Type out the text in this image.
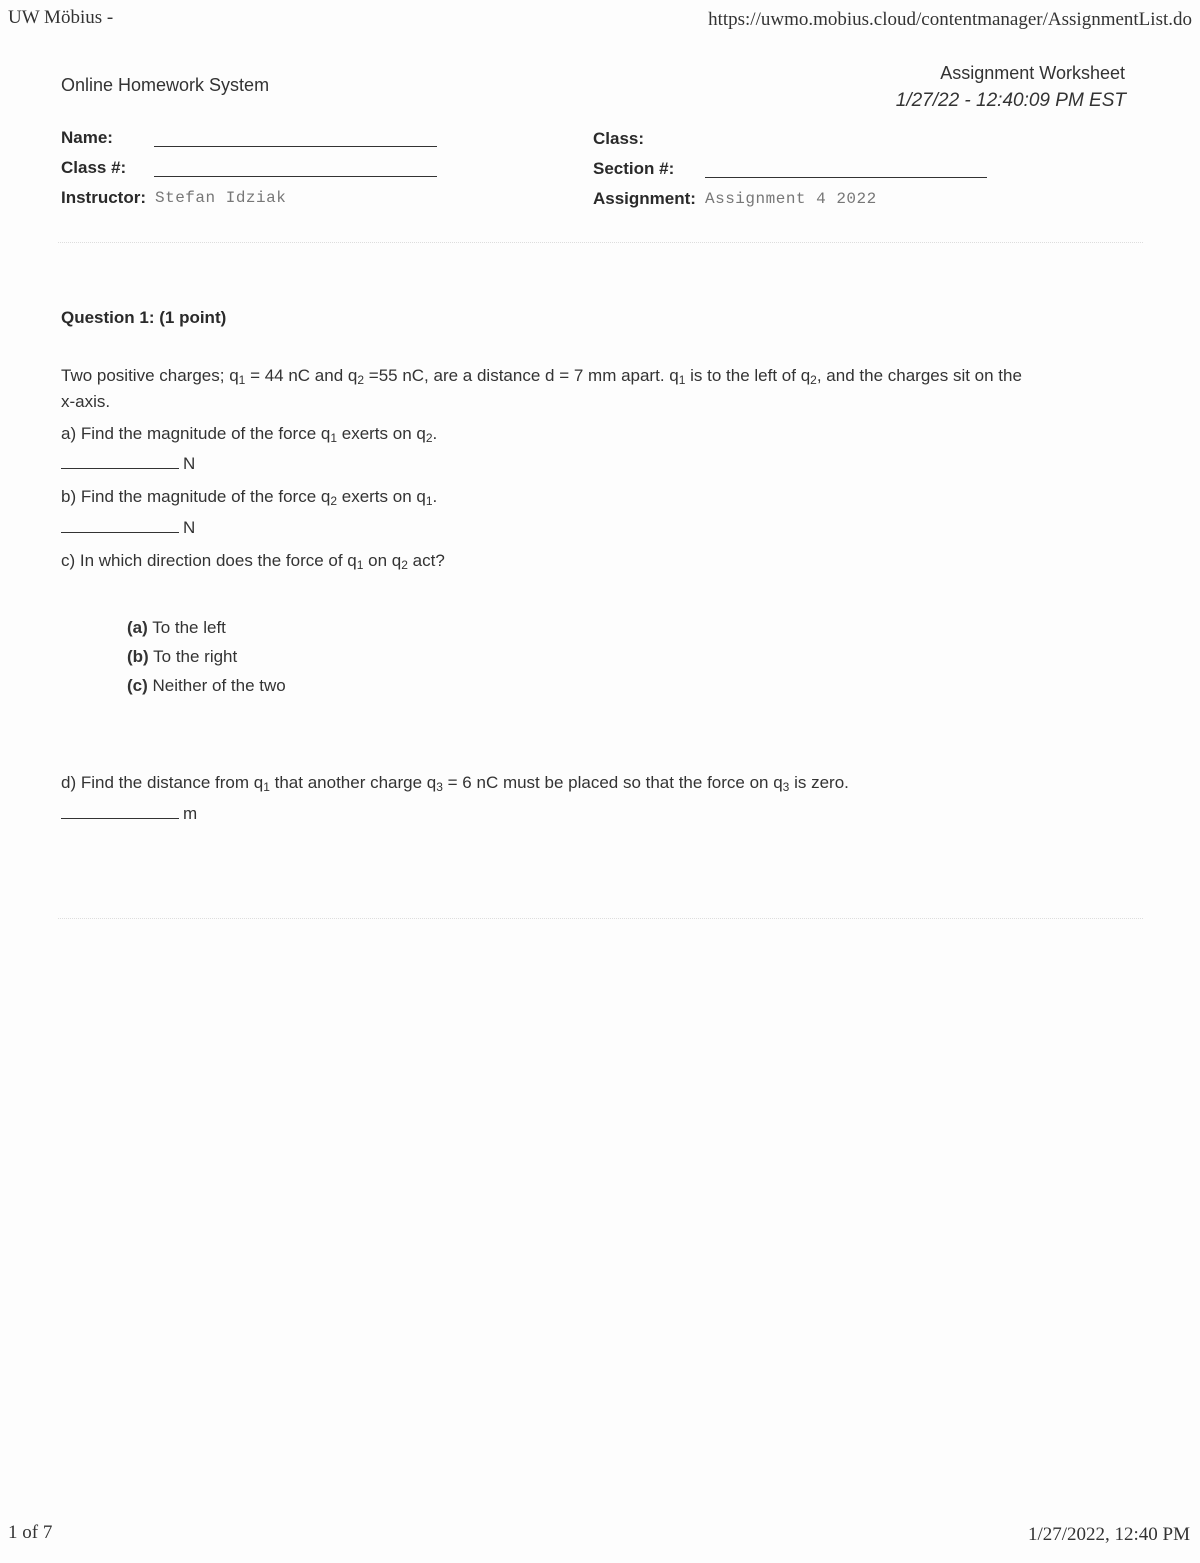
UW Möbius -	https://uwmo.mobius.cloud/contentmanager/AssignmentList.do
Online Homework System
Assignment Worksheet
1/27/22 - 12:40:09 PM EST
Name:
Class #:
Instructor: Stefan Idziak
Class:
Section #:
Assignment: Assignment 4 2022
Question 1: (1 point)
Two positive charges; $q_1 = 44$ nC and $q_2 =55$ nC, are a distance d = 7 mm apart. $q_1$ is to the left of $q_2$, and the charges sit on the
x-axis.
a) Find the magnitude of the force $q_1$ exerts on $q_2$.
N
b) Find the magnitude of the force $q_2$ exerts on $q_1$.
N
c) In which direction does the force of $q_1$ on $q_2$ act?
(a) To the left
(b) To the right
(c) Neither of the two
d) Find the distance from $q_1$ that another charge $q_3 = 6$ nC must be placed so that the force on $q_3$ is zero.
m
1 of 7	1/27/2022, 12:40 PM
